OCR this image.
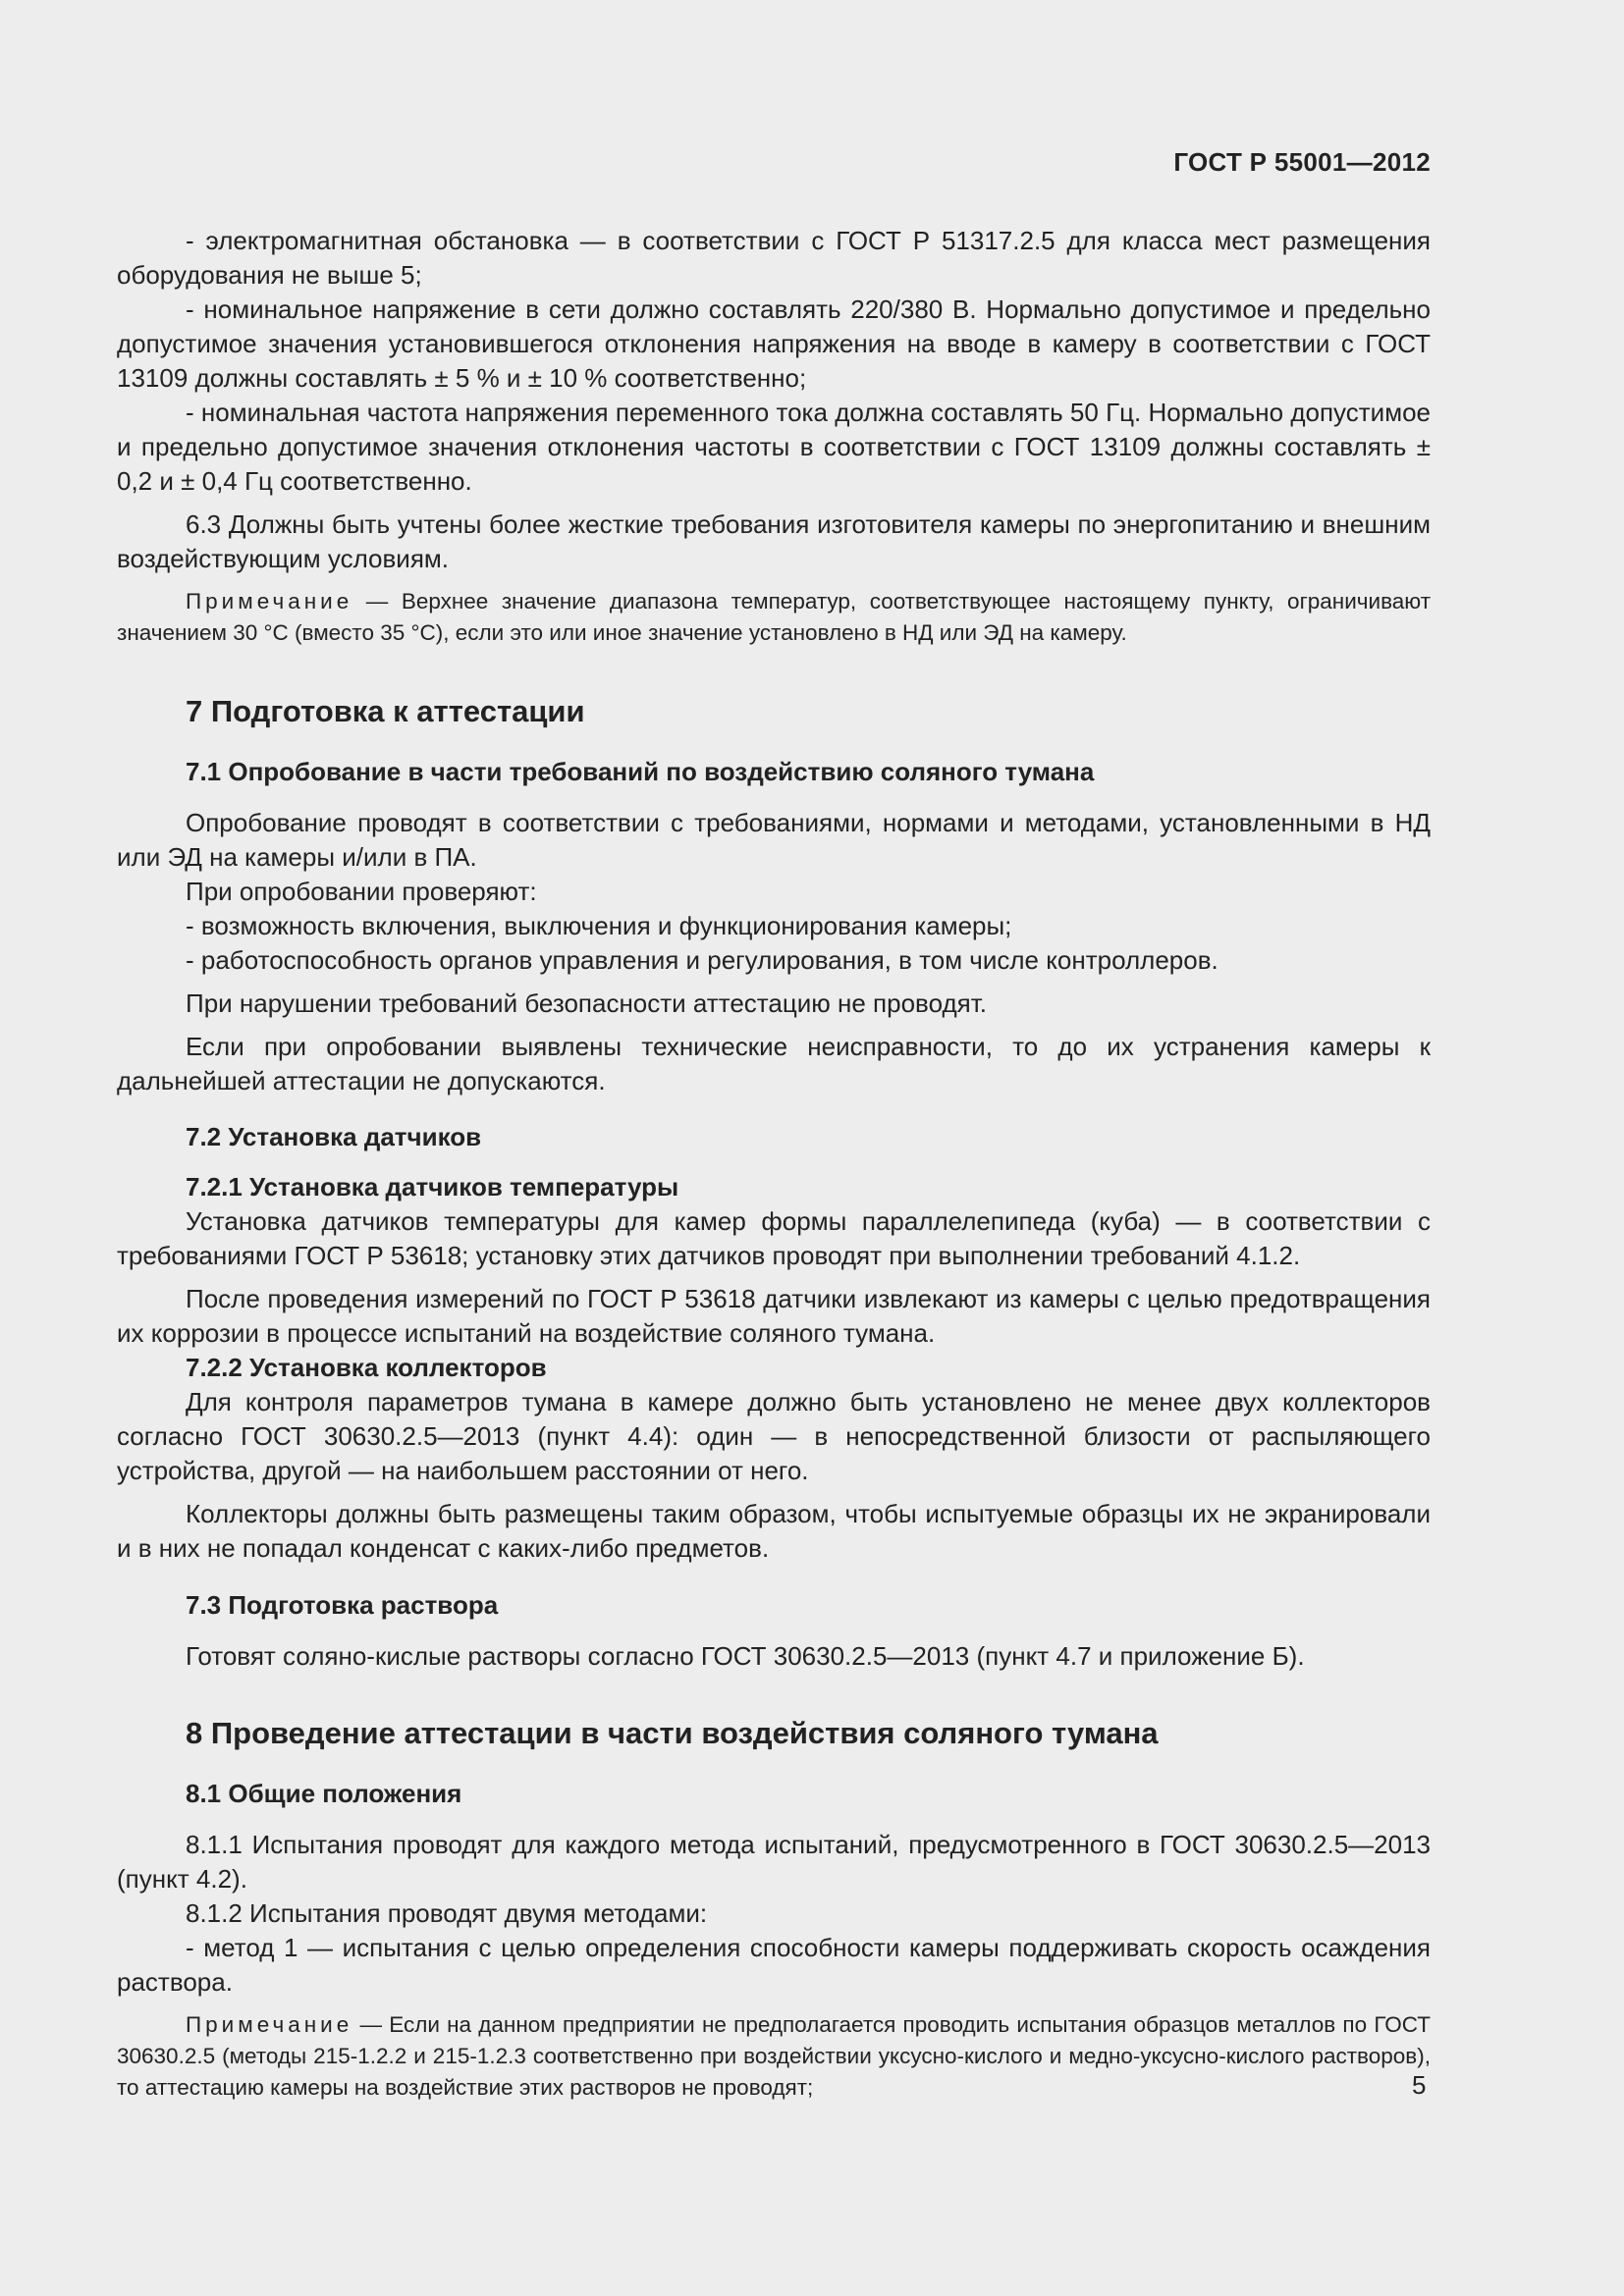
ГОСТ Р 55001—2012

- электромагнитная обстановка — в соответствии с ГОСТ Р 51317.2.5 для класса мест размещения оборудования не выше 5;

- номинальное напряжение в сети должно составлять 220/380 В. Нормально допустимое и предельно допустимое значения установившегося отклонения напряжения на вводе в камеру в соответствии с ГОСТ 13109 должны составлять ± 5 % и ± 10 % соответственно;

- номинальная частота напряжения переменного тока должна составлять 50 Гц. Нормально допустимое и предельно допустимое значения отклонения частоты в соответствии с ГОСТ 13109 должны составлять ± 0,2 и ± 0,4 Гц соответственно.

6.3 Должны быть учтены более жесткие требования изготовителя камеры по энергопитанию и внешним воздействующим условиям.

Примечание — Верхнее значение диапазона температур, соответствующее настоящему пункту, ограничивают значением 30 °С (вместо 35 °С), если это или иное значение установлено в НД или ЭД на камеру.

7 Подготовка к аттестации
7.1 Опробование в части требований по воздействию соляного тумана

Опробование проводят в соответствии с требованиями, нормами и методами, установленными в НД или ЭД на камеры и/или в ПА.

При опробовании проверяют:

- возможность включения, выключения и функционирования камеры;

- работоспособность органов управления и регулирования, в том числе контроллеров.

При нарушении требований безопасности аттестацию не проводят.

Если при опробовании выявлены технические неисправности, то до их устранения камеры к дальнейшей аттестации не допускаются.

7.2 Установка датчиков
7.2.1 Установка датчиков температуры

Установка датчиков температуры для камер формы параллелепипеда (куба) — в соответствии с требованиями ГОСТ Р 53618; установку этих датчиков проводят при выполнении требований 4.1.2.

После проведения измерений по ГОСТ Р 53618 датчики извлекают из камеры с целью предотвращения их коррозии в процессе испытаний на воздействие соляного тумана.

7.2.2 Установка коллекторов

Для контроля параметров тумана в камере должно быть установлено не менее двух коллекторов согласно ГОСТ 30630.2.5—2013 (пункт 4.4): один — в непосредственной близости от распыляющего устройства, другой — на наибольшем расстоянии от него.

Коллекторы должны быть размещены таким образом, чтобы испытуемые образцы их не экранировали и в них не попадал конденсат с каких-либо предметов.

7.3 Подготовка раствора

Готовят соляно-кислые растворы согласно ГОСТ 30630.2.5—2013 (пункт 4.7 и приложение Б).

8 Проведение аттестации в части воздействия соляного тумана
8.1 Общие положения

8.1.1 Испытания проводят для каждого метода испытаний, предусмотренного в ГОСТ 30630.2.5—2013 (пункт 4.2).

8.1.2 Испытания проводят двумя методами:

- метод 1 — испытания с целью определения способности камеры поддерживать скорость осаждения раствора.

Примечание — Если на данном предприятии не предполагается проводить испытания образцов металлов по ГОСТ 30630.2.5 (методы 215-1.2.2 и 215-1.2.3 соответственно при воздействии уксусно-кислого и медно-уксусно-кислого растворов), то аттестацию камеры на воздействие этих растворов не проводят;	5
